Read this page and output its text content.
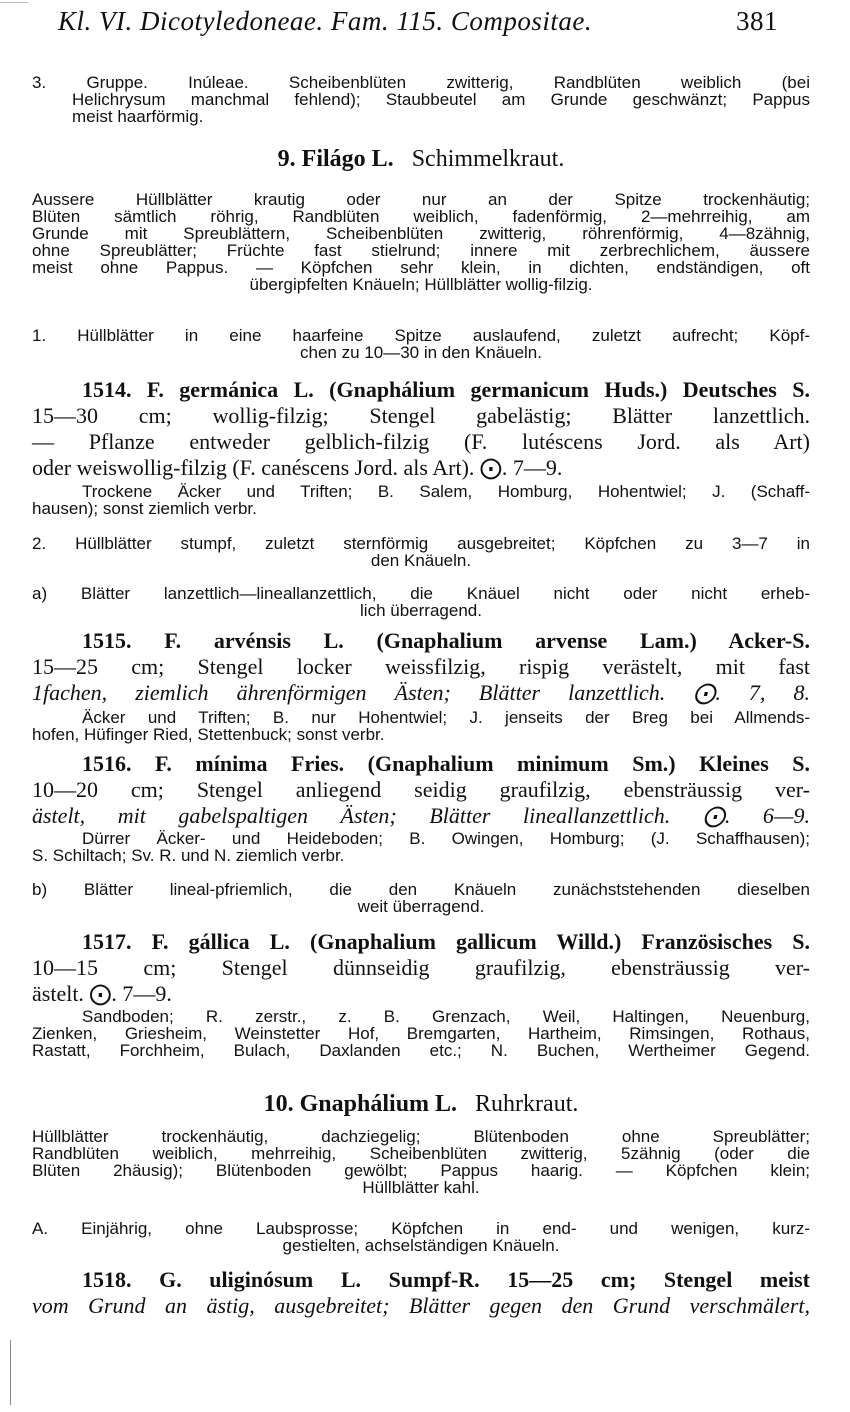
Kl. VI. Dicotyledoneae. Fam. 115. Compositae.	381
3. Gruppe. Inúleae. Scheibenblüten zwitterig, Randblüten weiblich (bei
Helichrysum manchmal fehlend); Staubbeutel am Grunde geschwänzt; Pappus
meist haarförmig.
9. Filágo L. Schimmelkraut.
Aussere Hüllblätter krautig oder nur an der Spitze trockenhäutig;
Blüten sämtlich röhrig, Randblüten weiblich, fadenförmig, 2—mehrreihig, am
Grunde mit Spreublättern, Scheibenblüten zwitterig, röhrenförmig, 4—8zähnig,
ohne Spreublätter; Früchte fast stielrund; innere mit zerbrechlichem, äussere
meist ohne Pappus. — Köpfchen sehr klein, in dichten, endständigen, oft
übergipfelten Knäueln; Hüllblätter wollig-filzig.
1. Hüllblätter in eine haarfeine Spitze auslaufend, zuletzt aufrecht; Köpf-
chen zu 10—30 in den Knäueln.
1514. F. germánica L. (Gnaphálium germanicum Huds.) Deutsches S.
15—30 cm; wollig-filzig; Stengel gabelästig; Blätter lanzettlich.
— Pflanze entweder gelblich-filzig (F. lutéscens Jord. als Art)
oder weiswollig-filzig (F. canéscens Jord. als Art). ⨀. 7—9.
Trockene Äcker und Triften; B. Salem, Homburg, Hohentwiel; J. (Schaff-
hausen); sonst ziemlich verbr.
2. Hüllblätter stumpf, zuletzt sternförmig ausgebreitet; Köpfchen zu 3—7 in
den Knäueln.
a) Blätter lanzettlich—lineallanzettlich, die Knäuel nicht oder nicht erheb-
lich überragend.
1515. F. arvénsis L. (Gnaphalium arvense Lam.) Acker-S.
15—25 cm; Stengel locker weissfilzig, rispig verästelt, mit fast
1fachen, ziemlich ährenförmigen Ästen; Blätter lanzettlich. ⨀. 7, 8.
Äcker und Triften; B. nur Hohentwiel; J. jenseits der Breg bei Allmends-
hofen, Hüfinger Ried, Stettenbuck; sonst verbr.
1516. F. mínima Fries. (Gnaphalium minimum Sm.) Kleines S.
10—20 cm; Stengel anliegend seidig graufilzig, ebensträussig ver-
ästelt, mit gabelspaltigen Ästen; Blätter lineallanzettlich. ⨀. 6—9.
Dürrer Äcker- und Heideboden; B. Owingen, Homburg; (J. Schaffhausen);
S. Schiltach; Sv. R. und N. ziemlich verbr.
b) Blätter lineal-pfriemlich, die den Knäueln zunächststehenden dieselben
weit überragend.
1517. F. gállica L. (Gnaphalium gallicum Willd.) Französisches S.
10—15 cm; Stengel dünnseidig graufilzig, ebensträussig ver-
ästelt. ⨀. 7—9.
Sandboden; R. zerstr., z. B. Grenzach, Weil, Haltingen, Neuenburg,
Zienken, Griesheim, Weinstetter Hof, Bremgarten, Hartheim, Rimsingen, Rothaus,
Rastatt, Forchheim, Bulach, Daxlanden etc.; N. Buchen, Wertheimer Gegend.
10. Gnaphálium L. Ruhrkraut.
Hüllblätter trockenhäutig, dachziegelig; Blütenboden ohne Spreublätter;
Randblüten weiblich, mehrreihig, Scheibenblüten zwitterig, 5zähnig (oder die
Blüten 2häusig); Blütenboden gewölbt; Pappus haarig. — Köpfchen klein;
Hüllblätter kahl.
A. Einjährig, ohne Laubsprosse; Köpfchen in end- und wenigen, kurz-
gestielten, achselständigen Knäueln.
1518. G. uliginósum L. Sumpf-R. 15—25 cm; Stengel meist
vom Grund an ästig, ausgebreitet; Blätter gegen den Grund verschmälert,
